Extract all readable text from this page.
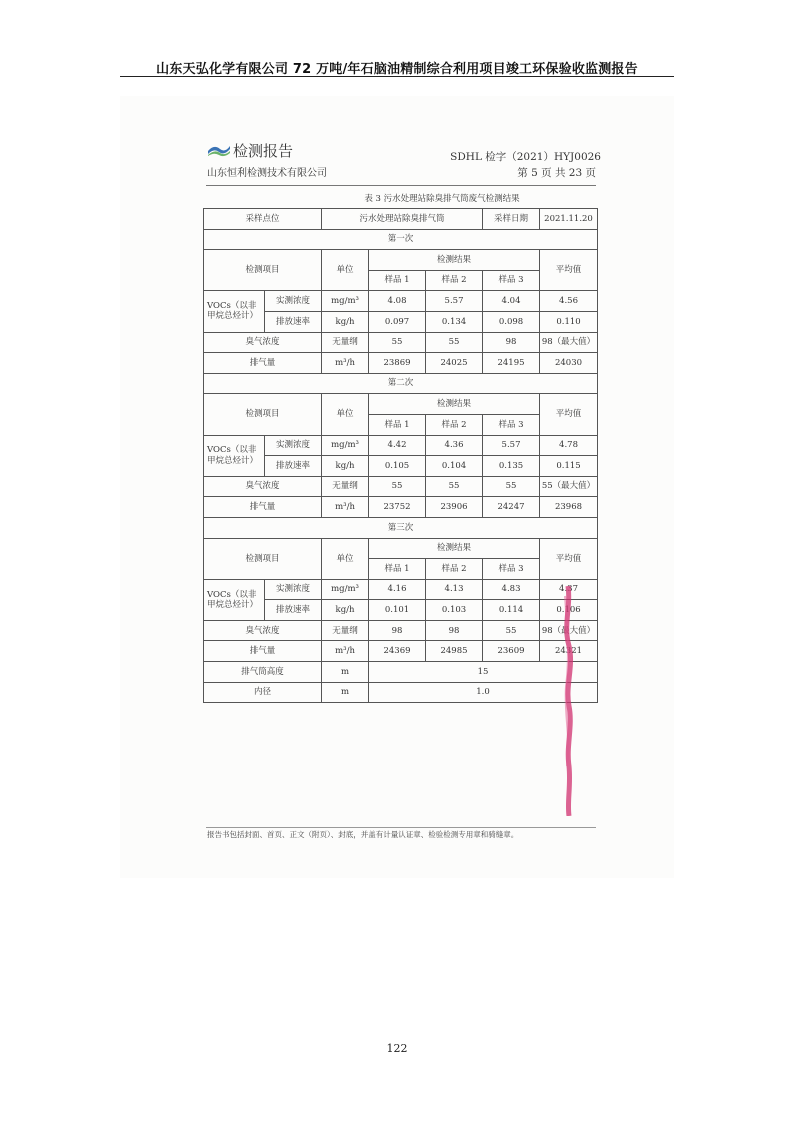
山东天弘化学有限公司 72 万吨/年石脑油精制综合利用项目竣工环保验收监测报告
检测报告
山东恒利检测技术有限公司
SDHL 检字（2021）HYJ0026
第 5 页 共 23 页
表 3 污水处理站除臭排气筒废气检测结果
采样点位		污水处理站除臭排气筒			采样日期	2021.11.20
第一次						
检测项目		单位	检测结果			平均值
			样品 1	样品 2	样品 3	
VOCs（以非甲烷总烃计）	实测浓度	mg/m³	4.08	5.57	4.04	4.56
	排放速率	kg/h	0.097	0.134	0.098	0.110
臭气浓度		无量纲	55	55	98	98（最大值）
排气量		m³/h	23869	24025	24195	24030
第二次						
检测项目		单位	检测结果			平均值
			样品 1	样品 2	样品 3	
VOCs（以非甲烷总烃计）	实测浓度	mg/m³	4.42	4.36	5.57	4.78
	排放速率	kg/h	0.105	0.104	0.135	0.115
臭气浓度		无量纲	55	55	55	55（最大值）
排气量		m³/h	23752	23906	24247	23968
第三次						
检测项目		单位	检测结果			平均值
			样品 1	样品 2	样品 3	
VOCs（以非甲烷总烃计）	实测浓度	mg/m³	4.16	4.13	4.83	4.37
	排放速率	kg/h	0.101	0.103	0.114	0.106
臭气浓度		无量纲	98	98	55	98（最大值）
排气量		m³/h	24369	24985	23609	24321
排气筒高度		m	15			
内径		m	1.0			
报告书包括封面、首页、正文（附页）、封底，并盖有计量认证章、检验检测专用章和骑缝章。
122
